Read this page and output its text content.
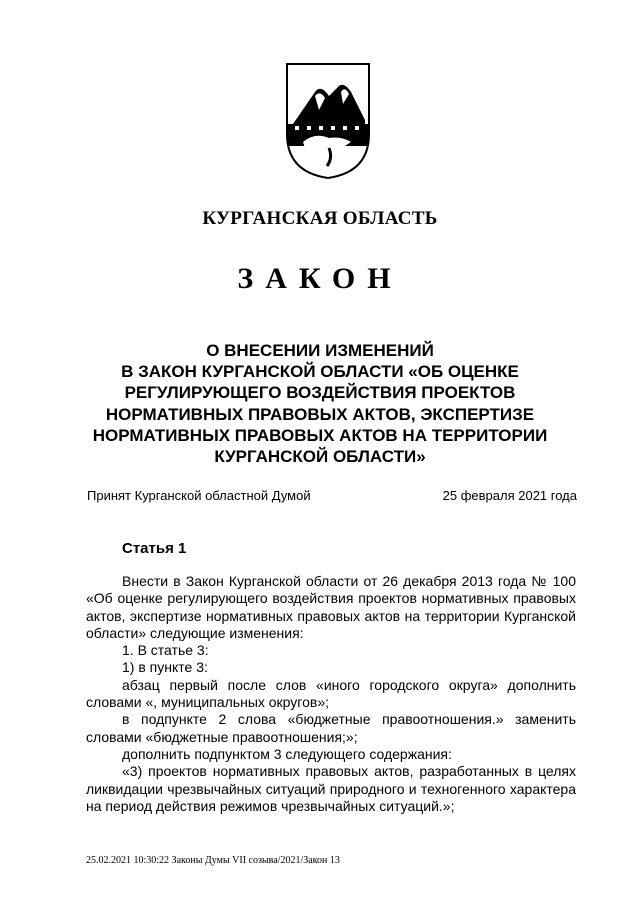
КУРГАНСКАЯ ОБЛАСТЬ
ЗАКОН
О ВНЕСЕНИИ ИЗМЕНЕНИЙ
В ЗАКОН КУРГАНСКОЙ ОБЛАСТИ «ОБ ОЦЕНКЕ
РЕГУЛИРУЮЩЕГО ВОЗДЕЙСТВИЯ ПРОЕКТОВ
НОРМАТИВНЫХ ПРАВОВЫХ АКТОВ, ЭКСПЕРТИЗЕ
НОРМАТИВНЫХ ПРАВОВЫХ АКТОВ НА ТЕРРИТОРИИ
КУРГАНСКОЙ ОБЛАСТИ»
Принят Курганской областной Думой	25 февраля 2021 года
Статья 1

Внести в Закон Курганской области от 26 декабря 2013 года № 100 «Об оценке регулирующего воздействия проектов нормативных правовых актов, экспертизе нормативных правовых актов на территории Курганской области» следующие изменения:

1. В статье 3:

1) в пункте 3:

абзац первый после слов «иного городского округа» дополнить словами «, муниципальных округов»;

в подпункте 2 слова «бюджетные правоотношения.» заменить словами «бюджетные правоотношения;»;

дополнить подпунктом 3 следующего содержания:

«3) проектов нормативных правовых актов, разработанных в целях ликвидации чрезвычайных ситуаций природного и техногенного характера на период действия режимов чрезвычайных ситуаций.»;

25.02.2021 10:30:22 Законы Думы VII созыва/2021/Закон 13
